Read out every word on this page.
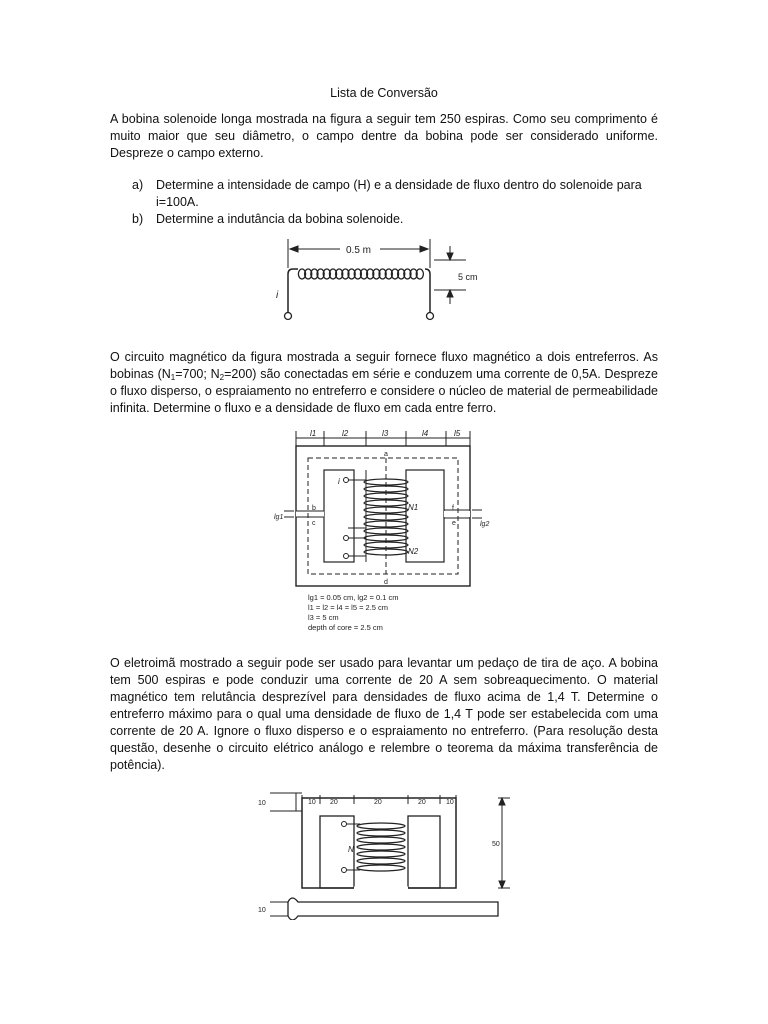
Lista de Conversão

A bobina solenoide longa mostrada na figura a seguir tem 250 espiras. Como seu comprimento é muito maior que seu diâmetro, o campo dentre da bobina pode ser considerado uniforme. Despreze o campo externo.

a) Determine a intensidade de campo (H) e a densidade de fluxo dentro do solenoide para i=100A.
b) Determine a indutância da bobina solenoide.
0.5 m
5 cm
i

O circuito magnético da figura mostrada a seguir fornece fluxo magnético a dois entreferros. As bobinas ($N_1=700$; $N_2=200$) são conectadas em série e conduzem uma corrente de 0,5A. Despreze o fluxo disperso, o espraiamento no entreferro e considere o núcleo de material de permeabilidade infinita. Determine o fluxo e a densidade de fluxo em cada entre ferro.

l1	l2	l3	l4	l5
lg1
lg2
N1
N2
i
a
b
c
d
e
f
lg1 = 0.05 cm, lg2 = 0.1 cm
l1 = l2 = l4 = l5 = 2.5 cm
l3 = 5 cm
depth of core = 2.5 cm

O eletroimã mostrado a seguir pode ser usado para levantar um pedaço de tira de aço. A bobina tem 500 espiras e pode conduzir uma corrente de 20 A sem sobreaquecimento. O material magnético tem relutância desprezível para densidades de fluxo acima de 1,4 T. Determine o entreferro máximo para o qual uma densidade de fluxo de 1,4 T pode ser estabelecida com uma corrente de 20 A. Ignore o fluxo disperso e o espraiamento no entreferro. (Para resolução desta questão, desenhe o circuito elétrico análogo e relembre o teorema da máxima transferência de potência).

10	10 20	20	20	10
50
10
N
